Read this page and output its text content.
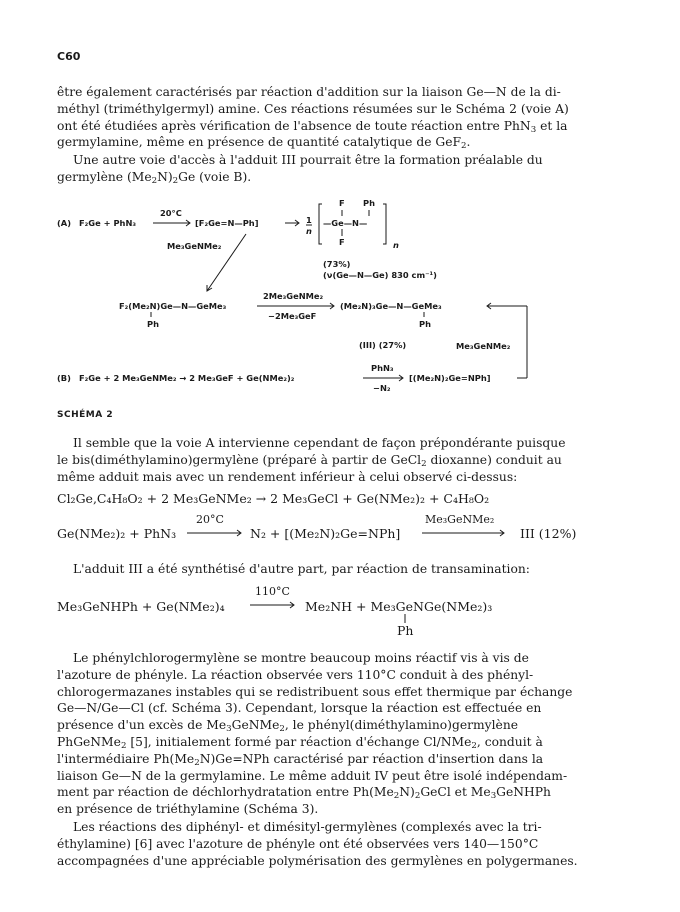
C60
être également caractérisés par réaction d'addition sur la liaison Ge—N de la di-
méthyl (triméthylgermyl) amine. Ces réactions résumées sur le Schéma 2 (voie A)
ont été étudiées après vérification de l'absence de toute réaction entre PhN$_3$ et la
germylamine, même en présence de quantité catalytique de GeF$_2$.
Une autre voie d'accès à l'adduit III pourrait être la formation préalable du
germylène $(Me_2N)_2Ge$ (voie B).
(A) F₂Ge + PhN₃
20°C
[F₂Ge=N—Ph]	1
n
F Ph
—Ge—N—
F	n
Me₃GeNMe₂
(73%)
(ν(Ge—N—Ge) 830 cm⁻¹)
F₂(Me₂N)Ge—N—GeMe₃
Ph
2Me₃GeNMe₂
−2Me₃GeF
(Me₂N)₃Ge—N—GeMe₃
Ph
(III) (27%)	Me₃GeNMe₂
(B) F₂Ge + 2 Me₃GeNMe₂ → 2 Me₃GeF + Ge(NMe₂)₂
PhN₃
−N₂
[(Me₂N)₂Ge=NPh]
SCHÉMA 2
Il semble que la voie A intervienne cependant de façon prépondérante puisque
le bis(diméthylamino)germylène (préparé à partir de GeCl$_2$ dioxanne) conduit au
même adduit mais avec un rendement inférieur à celui observé ci-dessus:
Cl₂Ge,C₄H₈O₂ + 2 Me₃GeNMe₂ → 2 Me₃GeCl + Ge(NMe₂)₂ + C₄H₈O₂
Ge(NMe₂)₂ + PhN₃
20°C
N₂ + [(Me₂N)₂Ge=NPh]
Me₃GeNMe₂
III (12%)
L'adduit III a été synthétisé d'autre part, par réaction de transamination:
Me₃GeNHPh + Ge(NMe₂)₄
110°C
Me₂NH + Me₃GeNGe(NMe₂)₃
Ph
Le phénylchlorogermylène se montre beaucoup moins réactif vis à vis de
l'azoture de phényle. La réaction observée vers 110°C conduit à des phényl-
chlorogermazanes instables qui se redistribuent sous effet thermique par échange
Ge—N/Ge—Cl (cf. Schéma 3). Cependant, lorsque la réaction est effectuée en
présence d'un excès de $Me_3GeNMe_2$, le phényl(diméthylamino)germylène
PhGeNMe$_2$ [5], initialement formé par réaction d'échange Cl/NMe$_2$, conduit à
l'intermédiaire $Ph(Me_2N)Ge=NPh$ caractérisé par réaction d'insertion dans la
liaison Ge—N de la germylamine. Le même adduit IV peut être isolé indépendam-
ment par réaction de déchlorhydratation entre $Ph(Me_2N)_2GeCl$ et $Me_3GeNHPh$
en présence de triéthylamine (Schéma 3).
Les réactions des diphényl- et dimésityl-germylènes (complexés avec la tri-
éthylamine) [6] avec l'azoture de phényle ont été observées vers 140—150°C
accompagnées d'une appréciable polymérisation des germylènes en polygermanes.
